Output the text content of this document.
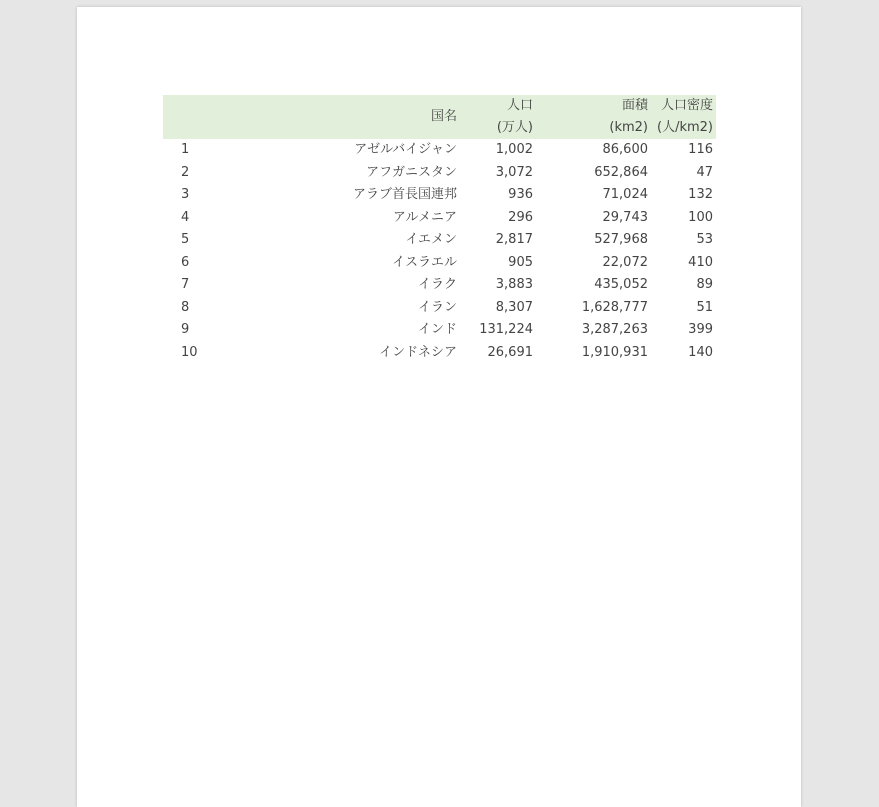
	国名	人口	面積	人口密度
		(万人)	(km2)	(人/km2)
1	アゼルバイジャン	1,002	86,600	116
2	アフガニスタン	3,072	652,864	47
3	アラブ首長国連邦	936	71,024	132
4	アルメニア	296	29,743	100
5	イエメン	2,817	527,968	53
6	イスラエル	905	22,072	410
7	イラク	3,883	435,052	89
8	イラン	8,307	1,628,777	51
9	インド	131,224	3,287,263	399
10	インドネシア	26,691	1,910,931	140
